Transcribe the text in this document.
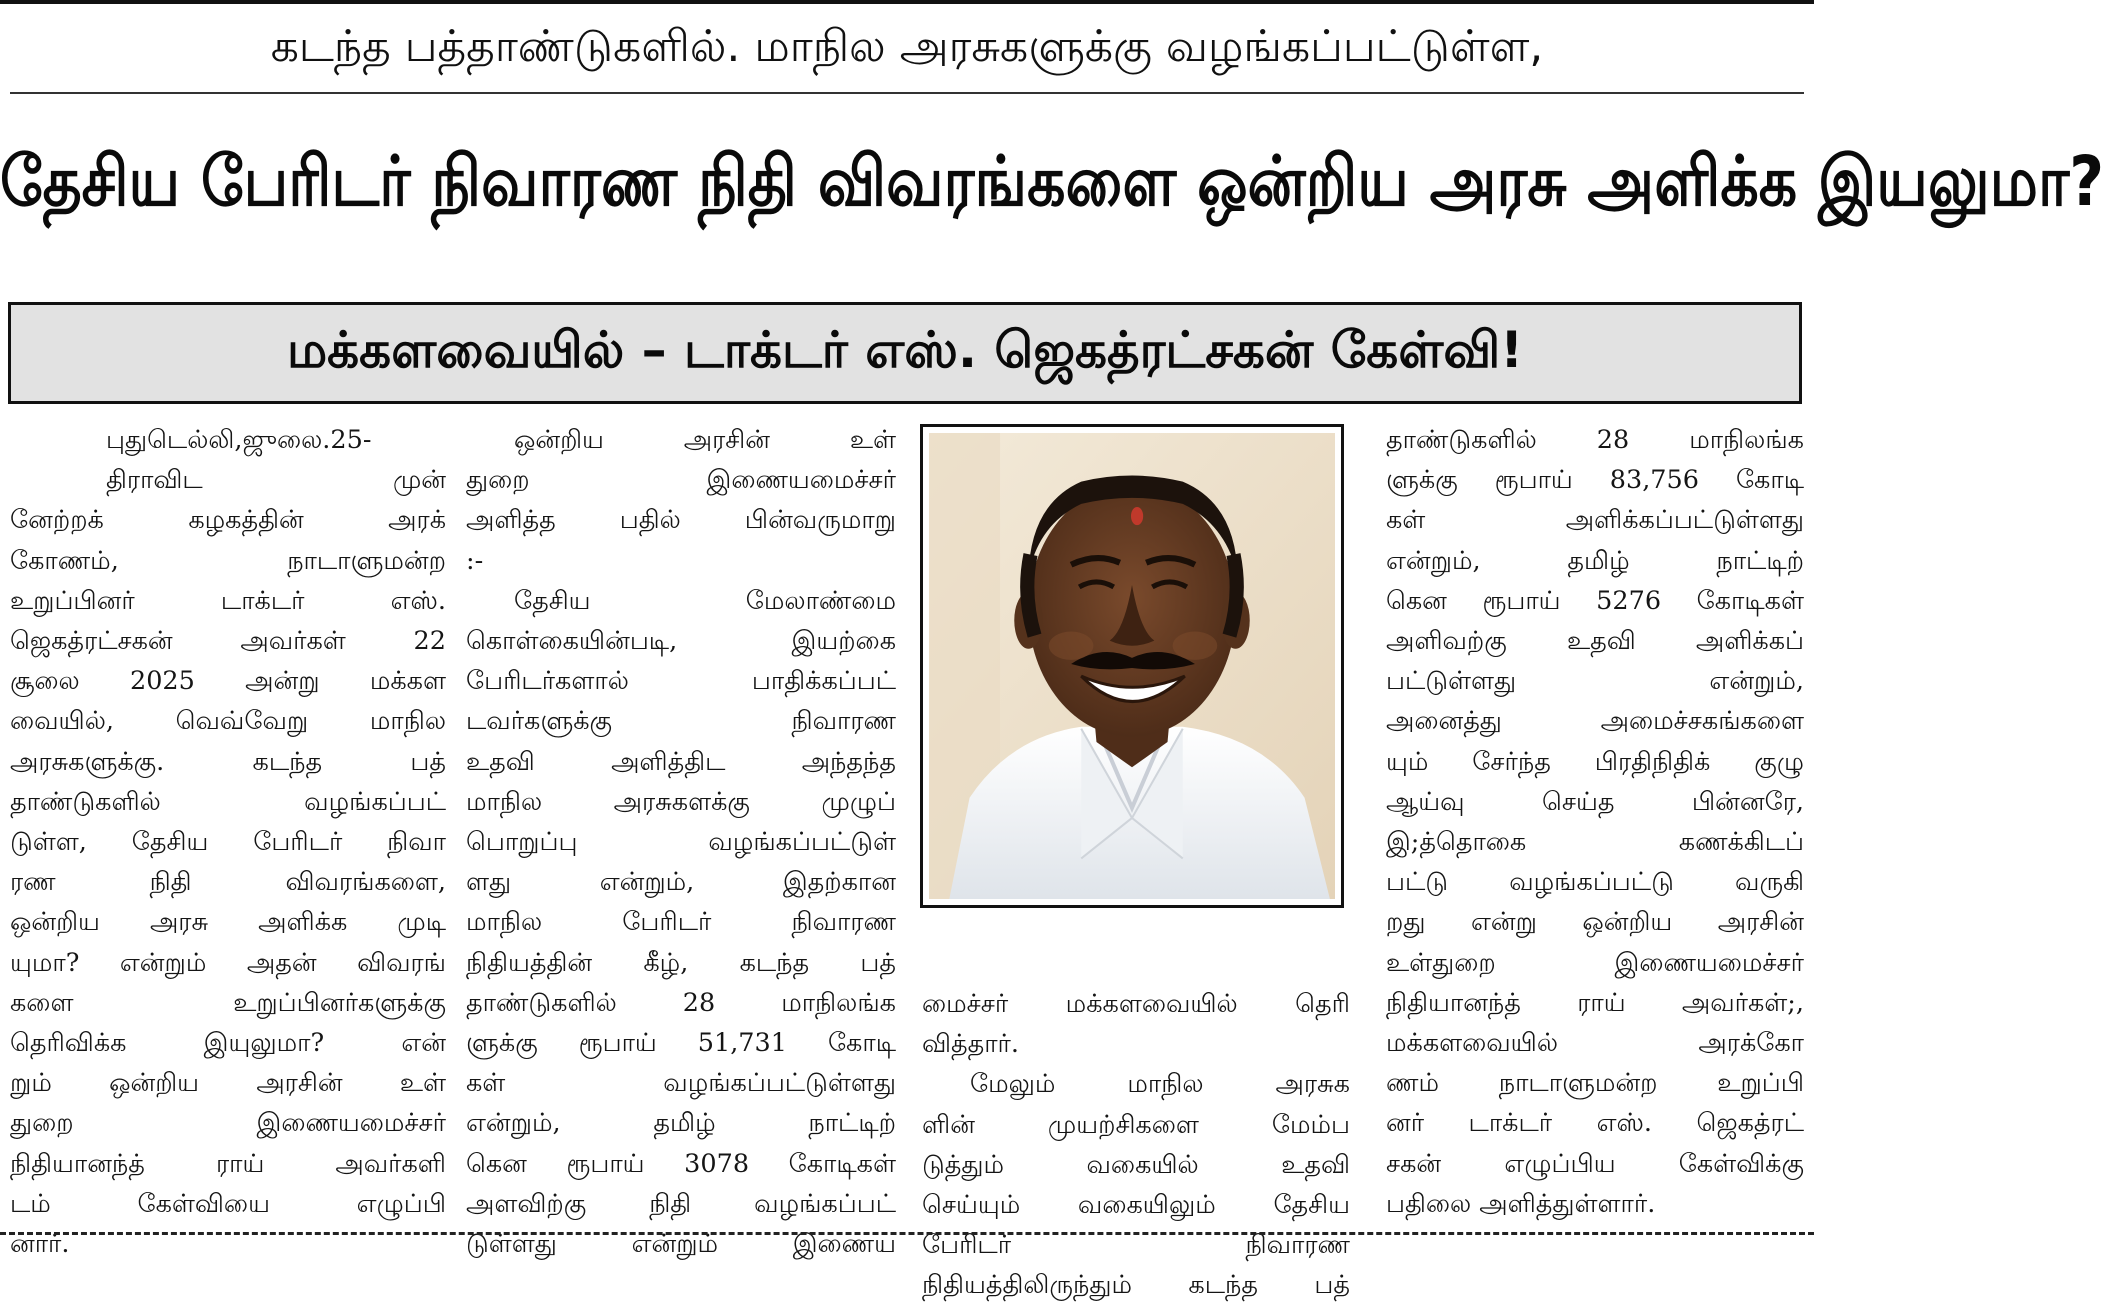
கடந்த பத்தாண்டுகளில். மாநில அரசுகளுக்கு வழங்கப்பட்டுள்ள,
தேசிய பேரிடர் நிவாரண நிதி விவரங்களை ஒன்றிய அரசு அளிக்க இயலுமா?
மக்களவையில் – டாக்டர் எஸ். ஜெகத்ரட்சகன் கேள்வி!

புதுடெல்லி,ஜுலை.25-

திராவிட முன்

னேற்றக் கழகத்தின் அரக்

கோணம், நாடாளுமன்ற

உறுப்பினர் டாக்டர் எஸ்.

ஜெகத்ரட்சகன் அவர்கள் 22

சூலை 2025 அன்று மக்கள

வையில், வெவ்வேறு மாநில

அரசுகளுக்கு. கடந்த பத்

தாண்டுகளில் வழங்கப்பட்

டுள்ள, தேசிய பேரிடர் நிவா

ரண நிதி விவரங்களை,

ஒன்றிய அரசு அளிக்க முடி

யுமா? என்றும் அதன் விவரங்

களை உறுப்பினர்களுக்கு

தெரிவிக்க இயுலுமா? என்

றும் ஒன்றிய அரசின் உள்

துறை இணையமைச்சர்

நிதியானந்த் ராய் அவர்களி

டம் கேள்வியை எழுப்பி

னார்.

ஒன்றிய அரசின் உள்

துறை இணையமைச்சர்

அளித்த பதில் பின்வருமாறு

:-

தேசிய மேலாண்மை

கொள்கையின்படி, இயற்கை

பேரிடர்களால் பாதிக்கப்பட்

டவர்களுக்கு நிவாரண

உதவி அளித்திட அந்தந்த

மாநில அரசுகளக்கு முழுப்

பொறுப்பு வழங்கப்பட்டுள்

ளது என்றும், இதற்கான

மாநில பேரிடர் நிவாரண

நிதியத்தின் கீழ், கடந்த பத்

தாண்டுகளில் 28 மாநிலங்க

ளுக்கு ரூபாய் 51,731 கோடி

கள் வழங்கப்பட்டுள்ளது

என்றும், தமிழ் நாட்டிற்

கென ரூபாய் 3078 கோடிகள்

அளவிற்கு நிதி வழங்கப்பட்

டுள்ளது என்றும் இணைய

மைச்சர் மக்களவையில் தெரி

வித்தார்.

மேலும் மாநில அரசுக

ளின் முயற்சிகளை மேம்ப

டுத்தும் வகையில் உதவி

செய்யும் வகையிலும் தேசிய

பேரிடர் நிவாரண

நிதியத்திலிருந்தும் கடந்த பத்

தாண்டுகளில் 28 மாநிலங்க

ளுக்கு ரூபாய் 83,756 கோடி

கள் அளிக்கப்பட்டுள்ளது

என்றும், தமிழ் நாட்டிற்

கென ரூபாய் 5276 கோடிகள்

அளிவற்கு உதவி அளிக்கப்

பட்டுள்ளது என்றும்,

அனைத்து அமைச்சகங்களை

யும் சேர்ந்த பிரதிநிதிக் குழு

ஆய்வு செய்த பின்னரே,

இ;த்தொகை கணக்கிடப்

பட்டு வழங்கப்பட்டு வருகி

றது என்று ஒன்றிய அரசின்

உள்துறை இணையமைச்சர்

நிதியானந்த் ராய் அவர்கள்;,

மக்களவையில் அரக்கோ

ணம் நாடாளுமன்ற உறுப்பி

னர் டாக்டர் எஸ். ஜெகத்ரட்

சகன் எழுப்பிய கேள்விக்கு

பதிலை அளித்துள்ளார்.
